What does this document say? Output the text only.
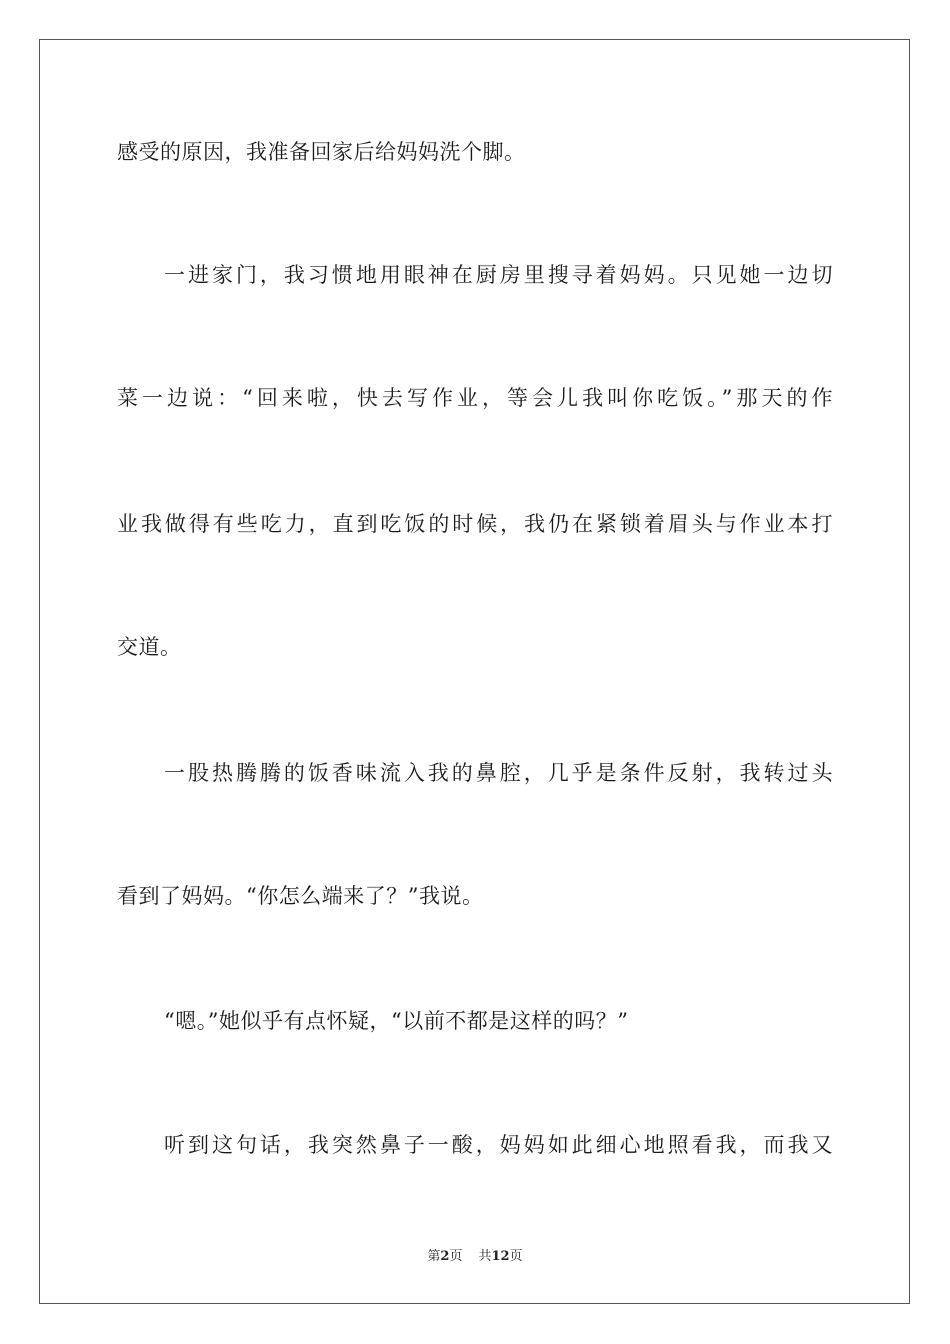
感受的原因，我准备回家后给妈妈洗个脚。
一进家门，我习惯地用眼神在厨房里搜寻着妈妈。只见她一边切
菜一边说：“回来啦，快去写作业，等会儿我叫你吃饭。”那天的作
业我做得有些吃力，直到吃饭的时候，我仍在紧锁着眉头与作业本打
交道。
一股热腾腾的饭香味流入我的鼻腔，几乎是条件反射，我转过头
看到了妈妈。“你怎么端来了？”我说。
“嗯。”她似乎有点怀疑，“以前不都是这样的吗？”
听到这句话，我突然鼻子一酸，妈妈如此细心地照看我，而我又
第2页 共12页
